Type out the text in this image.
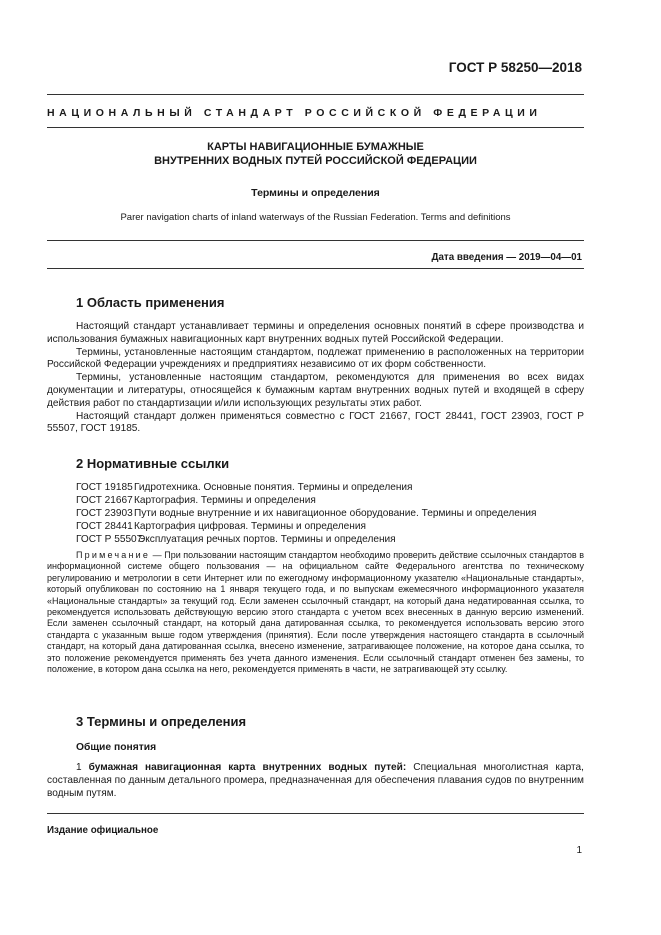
ГОСТ Р 58250—2018
НАЦИОНАЛЬНЫЙ СТАНДАРТ РОССИЙСКОЙ ФЕДЕРАЦИИ
КАРТЫ НАВИГАЦИОННЫЕ БУМАЖНЫЕ
ВНУТРЕННИХ ВОДНЫХ ПУТЕЙ РОССИЙСКОЙ ФЕДЕРАЦИИ
Термины и определения
Parer navigation charts of inland waterways of the Russian Federation. Terms and definitions
Дата введения — 2019—04—01
1 Область применения

Настоящий стандарт устанавливает термины и определения основных понятий в сфере производства и использования бумажных навигационных карт внутренних водных путей Российской Федерации.

Термины, установленные настоящим стандартом, подлежат применению в расположенных на территории Российской Федерации учреждениях и предприятиях независимо от их форм собственности.

Термины, установленные настоящим стандартом, рекомендуются для применения во всех видах документации и литературы, относящейся к бумажным картам внутренних водных путей и входящей в сферу действия работ по стандартизации и/или использующих результаты этих работ.

Настоящий стандарт должен применяться совместно с ГОСТ 21667, ГОСТ 28441, ГОСТ 23903, ГОСТ Р 55507, ГОСТ 19185.

2 Нормативные ссылки
ГОСТ 19185Гидротехника. Основные понятия. Термины и определения
ГОСТ 21667Картография. Термины и определения
ГОСТ 23903Пути водные внутренние и их навигационное оборудование. Термины и определения
ГОСТ 28441Картография цифровая. Термины и определения
ГОСТ Р 55507Эксплуатация речных портов. Термины и определения

Примечание — При пользовании настоящим стандартом необходимо проверить действие ссылочных стандартов в информационной системе общего пользования — на официальном сайте Федерального агентства по техническому регулированию и метрологии в сети Интернет или по ежегодному информационному указателю «Национальные стандарты», который опубликован по состоянию на 1 января текущего года, и по выпускам ежемесячного информационного указателя «Национальные стандарты» за текущий год. Если заменен ссылочный стандарт, на который дана недатированная ссылка, то рекомендуется использовать действующую версию этого стандарта с учетом всех внесенных в данную версию изменений. Если заменен ссылочный стандарт, на который дана датированная ссылка, то рекомендуется использовать версию этого стандарта с указанным выше годом утверждения (принятия). Если после утверждения настоящего стандарта в ссылочный стандарт, на который дана датированная ссылка, внесено изменение, затрагивающее положение, на которое дана ссылка, то это положение рекомендуется применять без учета данного изменения. Если ссылочный стандарт отменен без замены, то положение, в котором дана ссылка на него, рекомендуется применять в части, не затрагивающей эту ссылку.

3 Термины и определения
Общие понятия

1 бумажная навигационная карта внутренних водных путей: Специальная многолистная карта, составленная по данным детального промера, предназначенная для обеспечения плавания судов по внутренним водным путям.

Издание официальное
1
